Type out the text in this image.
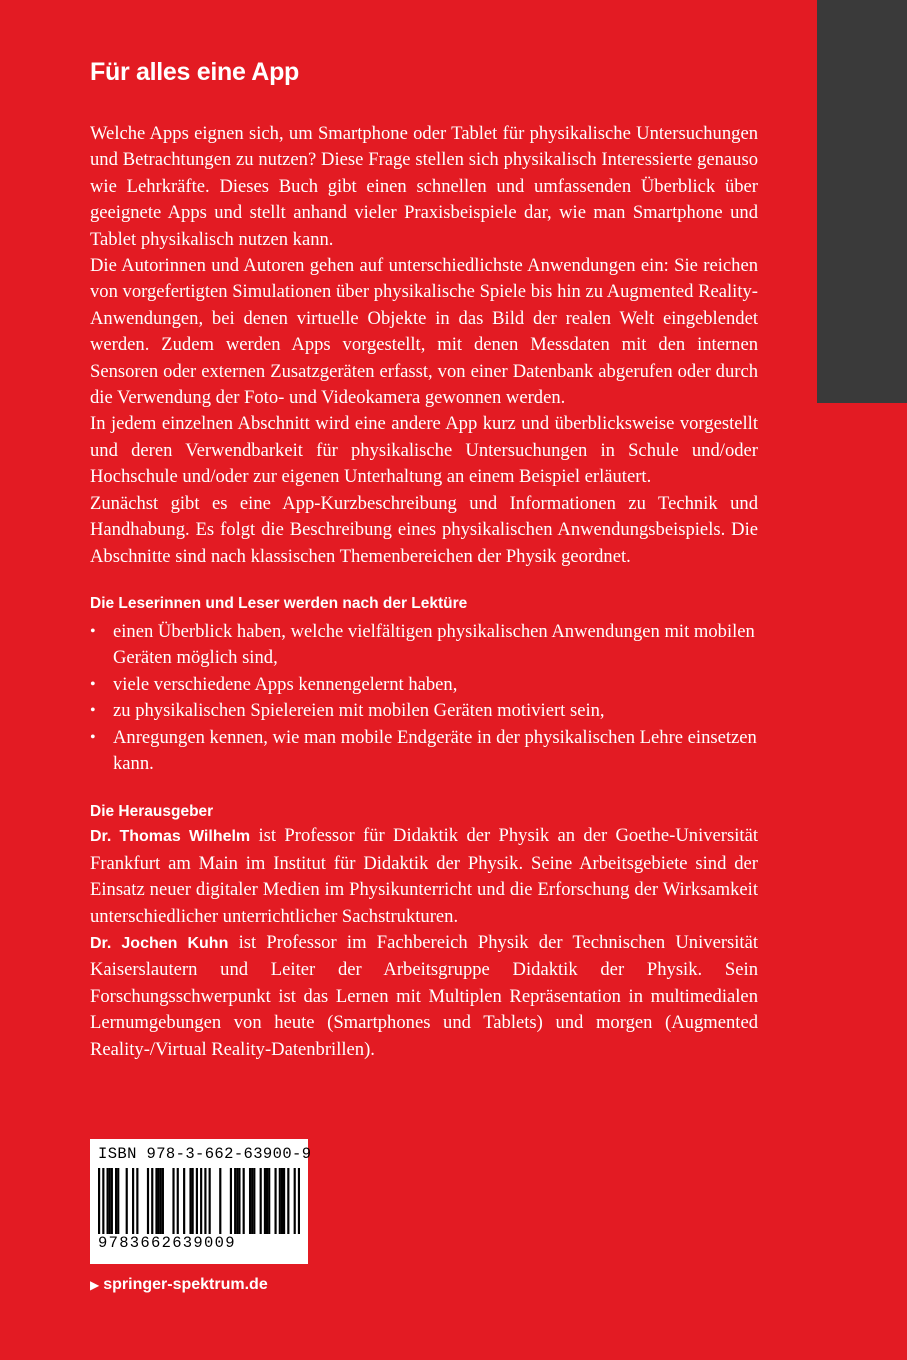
Für alles eine App

Welche Apps eignen sich, um Smartphone oder Tablet für physikalische Untersuchungen und Betrachtungen zu nutzen? Diese Frage stellen sich physikalisch Interessierte genauso wie Lehrkräfte. Dieses Buch gibt einen schnellen und umfassenden Überblick über geeignete Apps und stellt anhand vieler Praxisbeispiele dar, wie man Smartphone und Tablet physikalisch nutzen kann.

Die Autorinnen und Autoren gehen auf unterschiedlichste Anwendungen ein: Sie reichen von vorgefertigten Simulationen über physikalische Spiele bis hin zu Augmented Reality-Anwendungen, bei denen virtuelle Objekte in das Bild der realen Welt eingeblendet werden. Zudem werden Apps vorgestellt, mit denen Messdaten mit den internen Sensoren oder externen Zusatzgeräten erfasst, von einer Datenbank abgerufen oder durch die Verwendung der Foto- und Videokamera gewonnen werden.

In jedem einzelnen Abschnitt wird eine andere App kurz und überblicksweise vorgestellt und deren Verwendbarkeit für physikalische Untersuchungen in Schule und/oder Hochschule und/oder zur eigenen Unterhaltung an einem Beispiel erläutert.

Zunächst gibt es eine App-Kurzbeschreibung und Informationen zu Technik und Handhabung. Es folgt die Beschreibung eines physikalischen Anwendungsbeispiels. Die Abschnitte sind nach klassischen Themenbereichen der Physik geordnet.

Die Leserinnen und Leser werden nach der Lektüre
• einen Überblick haben, welche vielfältigen physikalischen Anwendungen mit mobilen Geräten möglich sind,
• viele verschiedene Apps kennengelernt haben,
• zu physikalischen Spielereien mit mobilen Geräten motiviert sein,
• Anregungen kennen, wie man mobile Endgeräte in der physikalischen Lehre einsetzen kann.
Die Herausgeber

Dr. Thomas Wilhelm ist Professor für Didaktik der Physik an der Goethe-Universität Frankfurt am Main im Institut für Didaktik der Physik. Seine Arbeitsgebiete sind der Einsatz neuer digitaler Medien im Physikunterricht und die Erforschung der Wirksamkeit unterschiedlicher unterrichtlicher Sachstrukturen.

Dr. Jochen Kuhn ist Professor im Fachbereich Physik der Technischen Universität Kaiserslautern und Leiter der Arbeitsgruppe Didaktik der Physik. Sein Forschungsschwerpunkt ist das Lernen mit Multiplen Repräsentation in multimedialen Lernumgebungen von heute (Smartphones und Tablets) und morgen (Augmented Reality-/Virtual Reality-Datenbrillen).

ISBN 978-3-662-63900-9
9783662639009
▶ springer-spektrum.de
